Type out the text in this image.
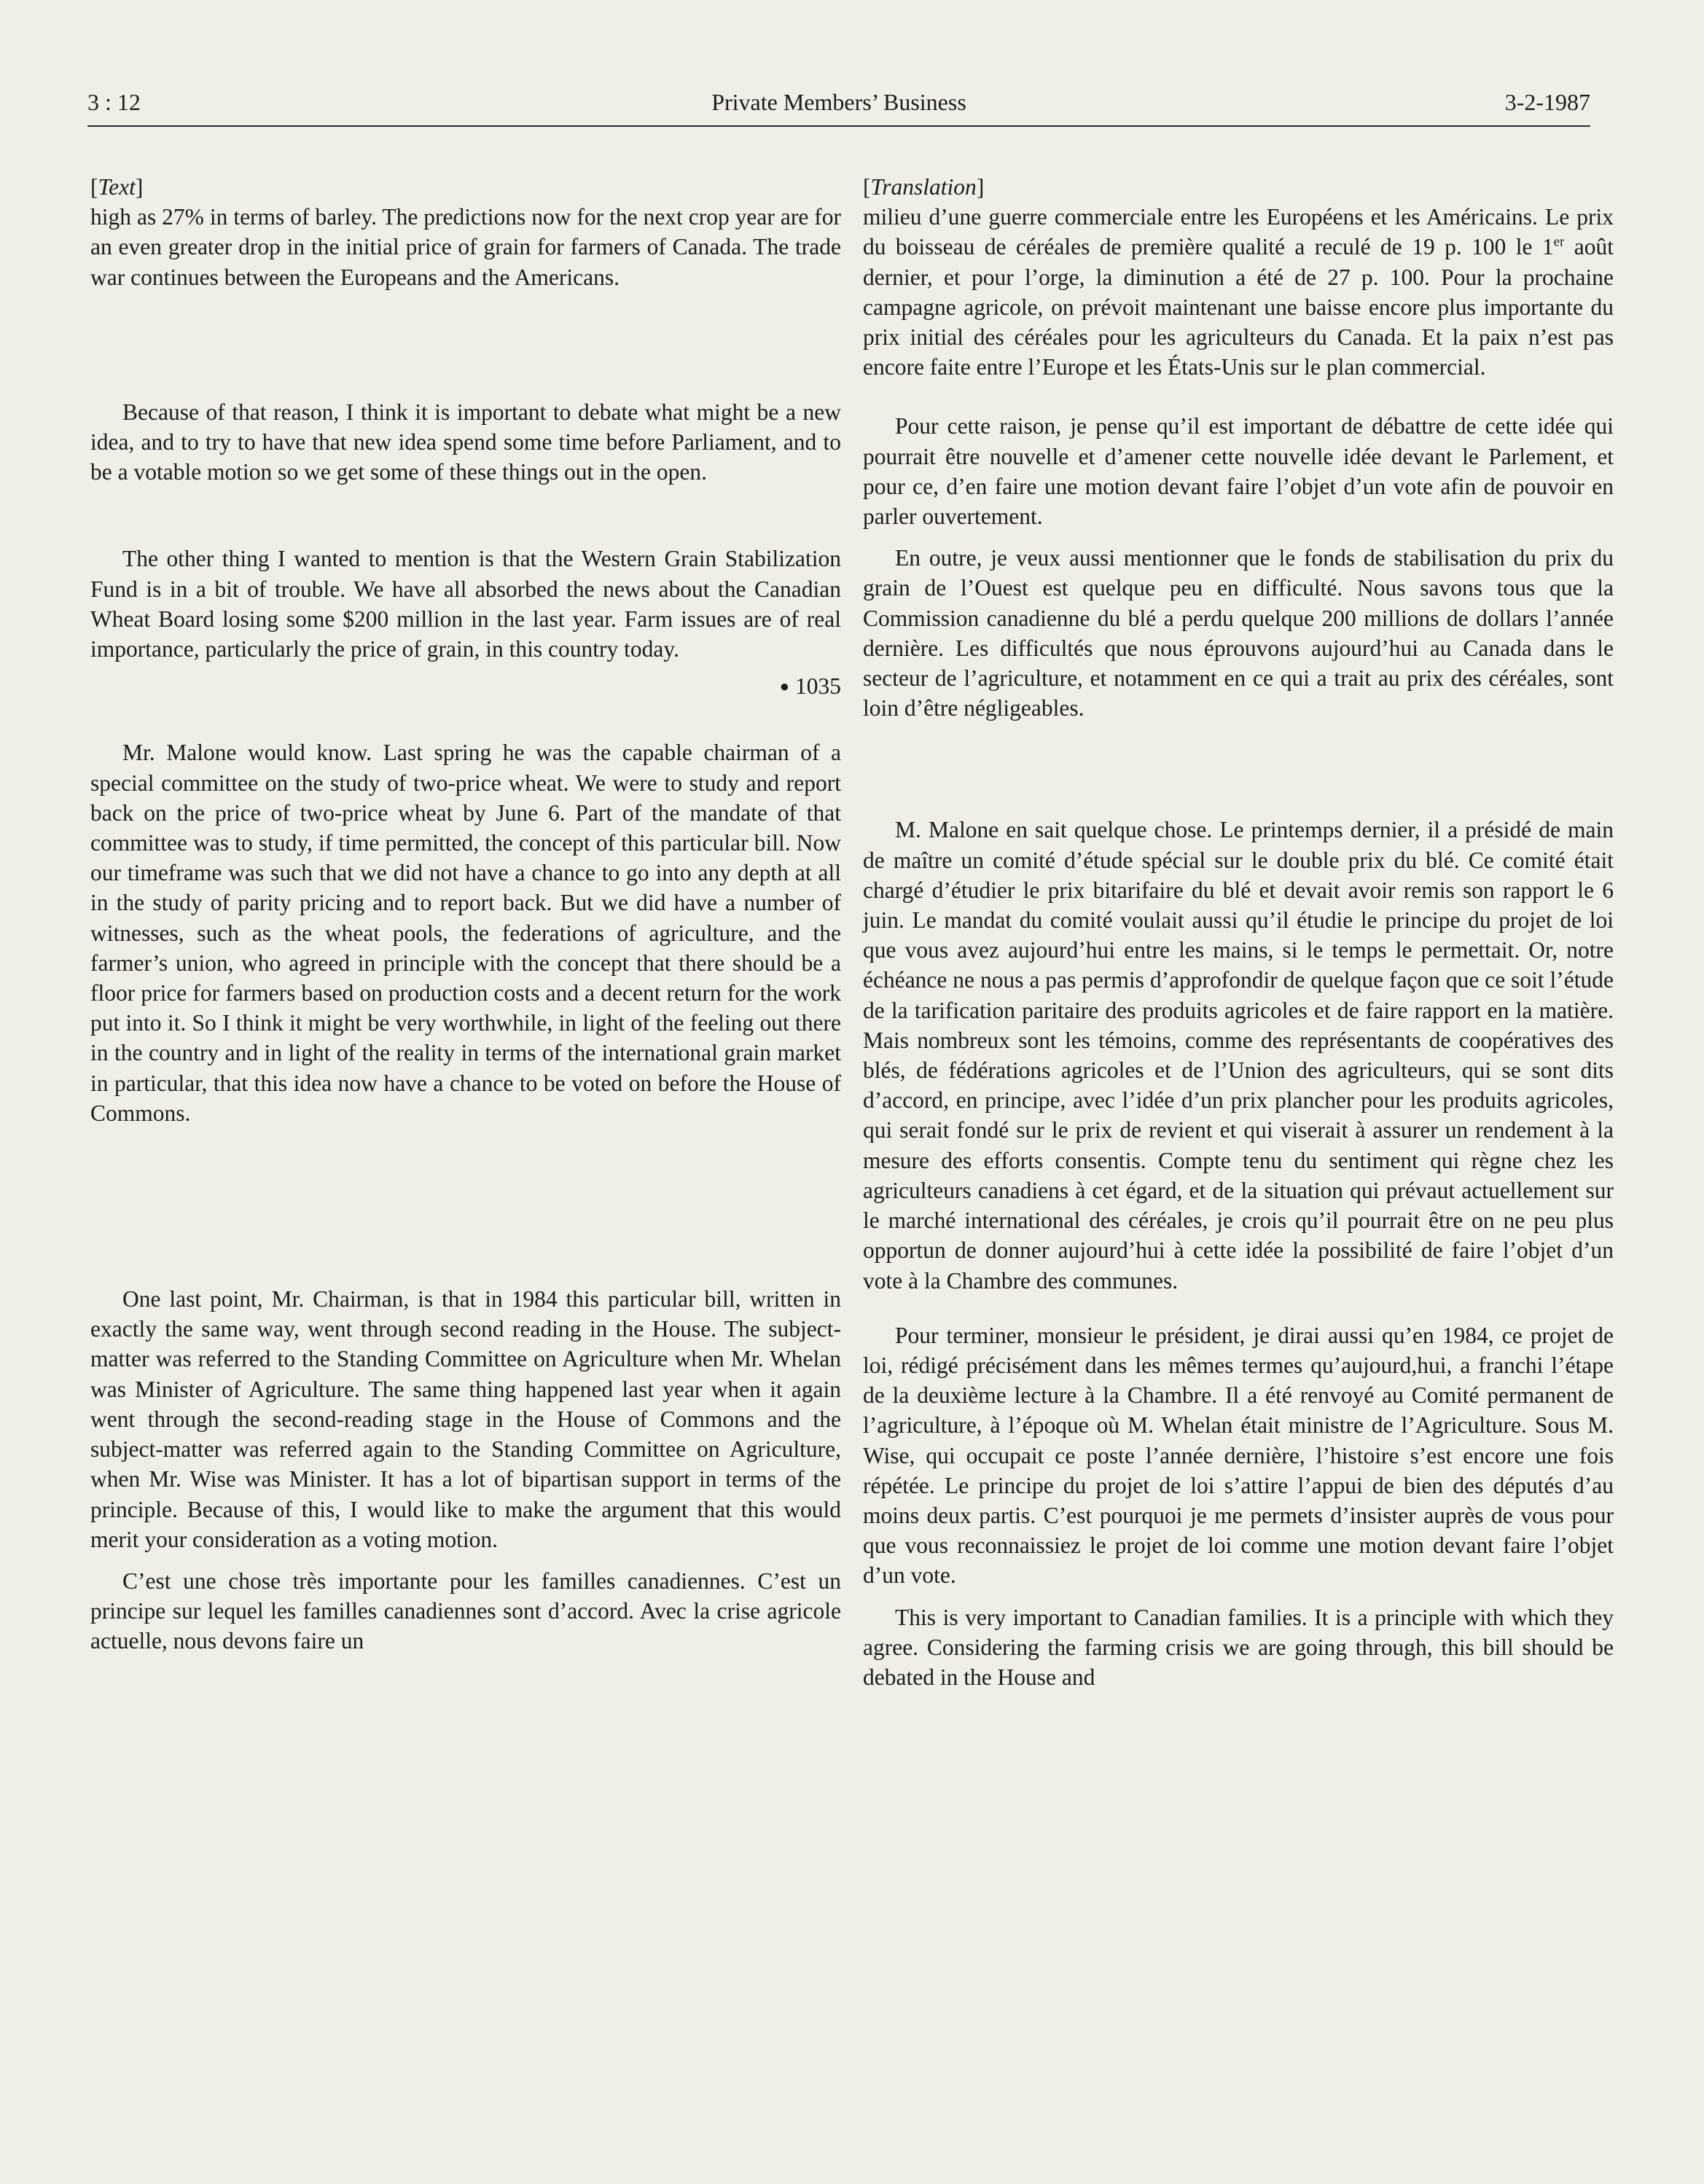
3 : 12	Private Members’ Business	3-2-1987

[Text]

high as 27% in terms of barley. The predictions now for the next crop year are for an even greater drop in the initial price of grain for farmers of Canada. The trade war continues between the Europeans and the Americans.

Because of that reason, I think it is important to debate what might be a new idea, and to try to have that new idea spend some time before Parliament, and to be a votable motion so we get some of these things out in the open.

The other thing I wanted to mention is that the Western Grain Stabilization Fund is in a bit of trouble. We have all absorbed the news about the Canadian Wheat Board losing some $200 million in the last year. Farm issues are of real importance, particularly the price of grain, in this country today.

● 1035

Mr. Malone would know. Last spring he was the capable chairman of a special committee on the study of two-price wheat. We were to study and report back on the price of two-price wheat by June 6. Part of the mandate of that committee was to study, if time permitted, the concept of this particular bill. Now our timeframe was such that we did not have a chance to go into any depth at all in the study of parity pricing and to report back. But we did have a number of witnesses, such as the wheat pools, the federations of agriculture, and the farmer’s union, who agreed in principle with the concept that there should be a floor price for farmers based on production costs and a decent return for the work put into it. So I think it might be very worthwhile, in light of the feeling out there in the country and in light of the reality in terms of the international grain market in particular, that this idea now have a chance to be voted on before the House of Commons.

One last point, Mr. Chairman, is that in 1984 this particular bill, written in exactly the same way, went through second reading in the House. The subject-matter was referred to the Standing Committee on Agriculture when Mr. Whelan was Minister of Agriculture. The same thing happened last year when it again went through the second-reading stage in the House of Commons and the subject-matter was referred again to the Standing Committee on Agriculture, when Mr. Wise was Minister. It has a lot of bipartisan support in terms of the principle. Because of this, I would like to make the argument that this would merit your consideration as a voting motion.

C’est une chose très importante pour les familles canadiennes. C’est un principe sur lequel les familles canadiennes sont d’accord. Avec la crise agricole actuelle, nous devons faire un

[Translation]

milieu d’une guerre commerciale entre les Européens et les Américains. Le prix du boisseau de céréales de première qualité a reculé de 19 p. 100 le 1er août dernier, et pour l’orge, la diminution a été de 27 p. 100. Pour la prochaine campagne agricole, on prévoit maintenant une baisse encore plus importante du prix initial des céréales pour les agriculteurs du Canada. Et la paix n’est pas encore faite entre l’Europe et les États-Unis sur le plan commercial.

Pour cette raison, je pense qu’il est important de débattre de cette idée qui pourrait être nouvelle et d’amener cette nouvelle idée devant le Parlement, et pour ce, d’en faire une motion devant faire l’objet d’un vote afin de pouvoir en parler ouvertement.

En outre, je veux aussi mentionner que le fonds de stabilisation du prix du grain de l’Ouest est quelque peu en difficulté. Nous savons tous que la Commission canadienne du blé a perdu quelque 200 millions de dollars l’année dernière. Les difficultés que nous éprouvons aujourd’hui au Canada dans le secteur de l’agriculture, et notamment en ce qui a trait au prix des céréales, sont loin d’être négligeables.

M. Malone en sait quelque chose. Le printemps dernier, il a présidé de main de maître un comité d’étude spécial sur le double prix du blé. Ce comité était chargé d’étudier le prix bitarifaire du blé et devait avoir remis son rapport le 6 juin. Le mandat du comité voulait aussi qu’il étudie le principe du projet de loi que vous avez aujourd’hui entre les mains, si le temps le permettait. Or, notre échéance ne nous a pas permis d’approfondir de quelque façon que ce soit l’étude de la tarification paritaire des produits agricoles et de faire rapport en la matière. Mais nombreux sont les témoins, comme des représentants de coopératives des blés, de fédérations agricoles et de l’Union des agriculteurs, qui se sont dits d’accord, en principe, avec l’idée d’un prix plancher pour les produits agricoles, qui serait fondé sur le prix de revient et qui viserait à assurer un rendement à la mesure des efforts consentis. Compte tenu du sentiment qui règne chez les agriculteurs canadiens à cet égard, et de la situation qui prévaut actuellement sur le marché international des céréales, je crois qu’il pourrait être on ne peu plus opportun de donner aujourd’hui à cette idée la possibilité de faire l’objet d’un vote à la Chambre des communes.

Pour terminer, monsieur le président, je dirai aussi qu’en 1984, ce projet de loi, rédigé précisément dans les mêmes termes qu’aujourd,hui, a franchi l’étape de la deuxième lecture à la Chambre. Il a été renvoyé au Comité permanent de l’agriculture, à l’époque où M. Whelan était ministre de l’Agriculture. Sous M. Wise, qui occupait ce poste l’année dernière, l’histoire s’est encore une fois répétée. Le principe du projet de loi s’attire l’appui de bien des députés d’au moins deux partis. C’est pourquoi je me permets d’insister auprès de vous pour que vous reconnaissiez le projet de loi comme une motion devant faire l’objet d’un vote.

This is very important to Canadian families. It is a principle with which they agree. Considering the farming crisis we are going through, this bill should be debated in the House and
